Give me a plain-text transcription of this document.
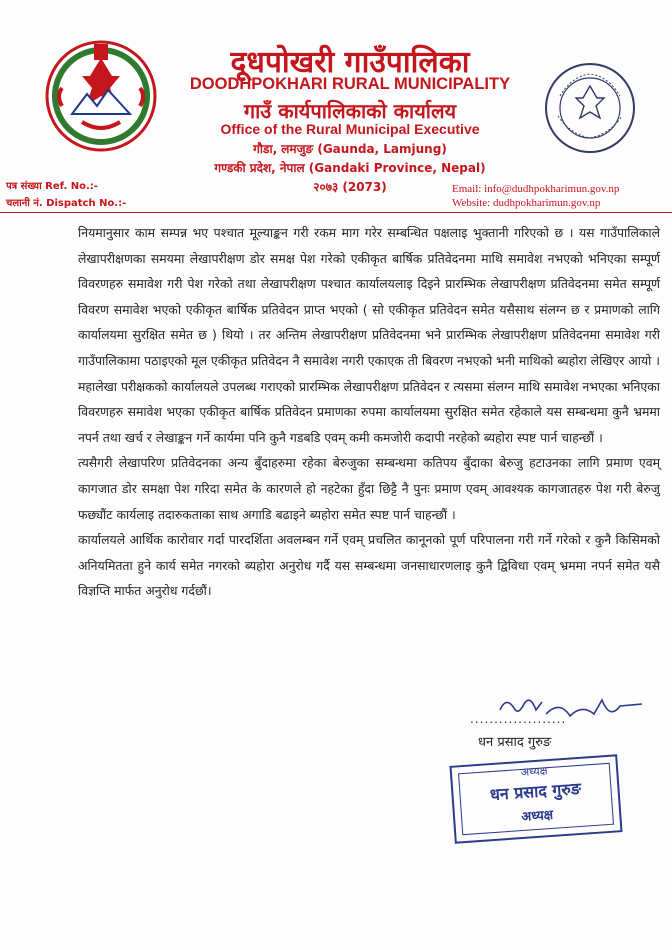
दूधपोखरी गाउँपालिका
DOODHPOKHARI RURAL MUNICIPALITY
गाउँ कार्यपालिकाको कार्यालय
Office of the Rural Municipal Executive
गौडा, लमजुङ (Gaunda, Lamjung)
गण्डकी प्रदेश, नेपाल (Gandaki Province, Nepal)
२०७३ (2073)
पत्र संख्या Ref. No.:-
चलानी नं. Dispatch No.:-
Email: info@dudhpokharimun.gov.np
Website: dudhpokharimun.gov.np

नियमानुसार काम सम्पन्न भए पश्चात मूल्याङ्कन गरी रकम माग गरेर सम्बन्धित पक्षलाइ भुक्तानी गरिएको छ । यस गाउँपालिकाले लेखापरीक्षणका समयमा लेखापरीक्षण डोर समक्ष पेश गरेको एकीकृत बार्षिक प्रतिवेदनमा माथि समावेश नभएको भनिएका सम्पूर्ण विवरणहरु समावेश गरी पेश गरेको तथा लेखापरीक्षण पश्चात कार्यालयलाइ दिइने प्रारम्भिक लेखापरीक्षण प्रतिवेदनमा समेत सम्पूर्ण विवरण समावेश भएको एकीकृत बार्षिक प्रतिवेदन प्राप्त भएको ( सो एकीकृत प्रतिवेदन समेत यसैसाथ संलग्न छ र प्रमाणको लागि कार्यालयमा सुरक्षित समेत छ ) थियो । तर अन्तिम लेखापरीक्षण प्रतिवेदनमा भने प्रारम्भिक लेखापरीक्षण प्रतिवेदनमा समावेश गरी गाउँपालिकामा पठाइएको मूल एकीकृत प्रतिवेदन नै समावेश नगरी एकाएक ती बिवरण नभएको भनी माथिको ब्यहोरा लेखिएर आयो । महालेखा परीक्षकको कार्यालयले उपलब्ध गराएको प्रारम्भिक लेखापरीक्षण प्रतिवेदन र त्यसमा संलग्न माथि समावेश नभएका भनिएका विवरणहरु समावेश भएका एकीकृत बार्षिक प्रतिवेदन प्रमाणका रुपमा कार्यालयमा सुरक्षित समेत रहेकाले यस सम्बन्धमा कुनै भ्रममा नपर्न तथा खर्च र लेखाङ्कन गर्ने कार्यमा पनि कुनै गडबडि एवम् कमी कमजोरी कदापी नरहेको ब्यहोरा स्पष्ट पार्न चाहन्छौं ।

त्यसैगरी लेखापरिण प्रतिवेदनका अन्य बुँदाहरुमा रहेका बेरुजुका सम्बन्धमा कतिपय बुँदाका बेरुजु हटाउनका लागि प्रमाण एवम् कागजात डोर समक्षा पेश गरिदा समेत के कारणले हो नहटेका हुँदा छिट्टै नै पुनः प्रमाण एवम् आवश्यक कागजातहरु पेश गरी बेरुजु फछ्यौंट कार्यलाइ तदारुकताका साथ अगाडि बढाइने ब्यहोरा समेत स्पष्ट पार्न चाहन्छौं ।

कार्यालयले आर्थिक कारोवार गर्दा पारदर्शिता अवलम्बन गर्ने एवम् प्रचलित कानूनको पूर्ण परिपालना गरी गर्ने गरेको र कुनै किसिमको अनियमितता हुने कार्य समेत नगरको ब्यहोरा अनुरोध गर्दै यस सम्बन्धमा जनसाधारणलाइ कुनै द्विविधा एवम् भ्रममा नपर्न समेत यसै विज्ञप्ति मार्फत अनुरोध गर्दछौं।

....................
धन प्रसाद गुरुङ
अध्यक्ष
धन प्रसाद गुरुङ
अध्यक्ष
